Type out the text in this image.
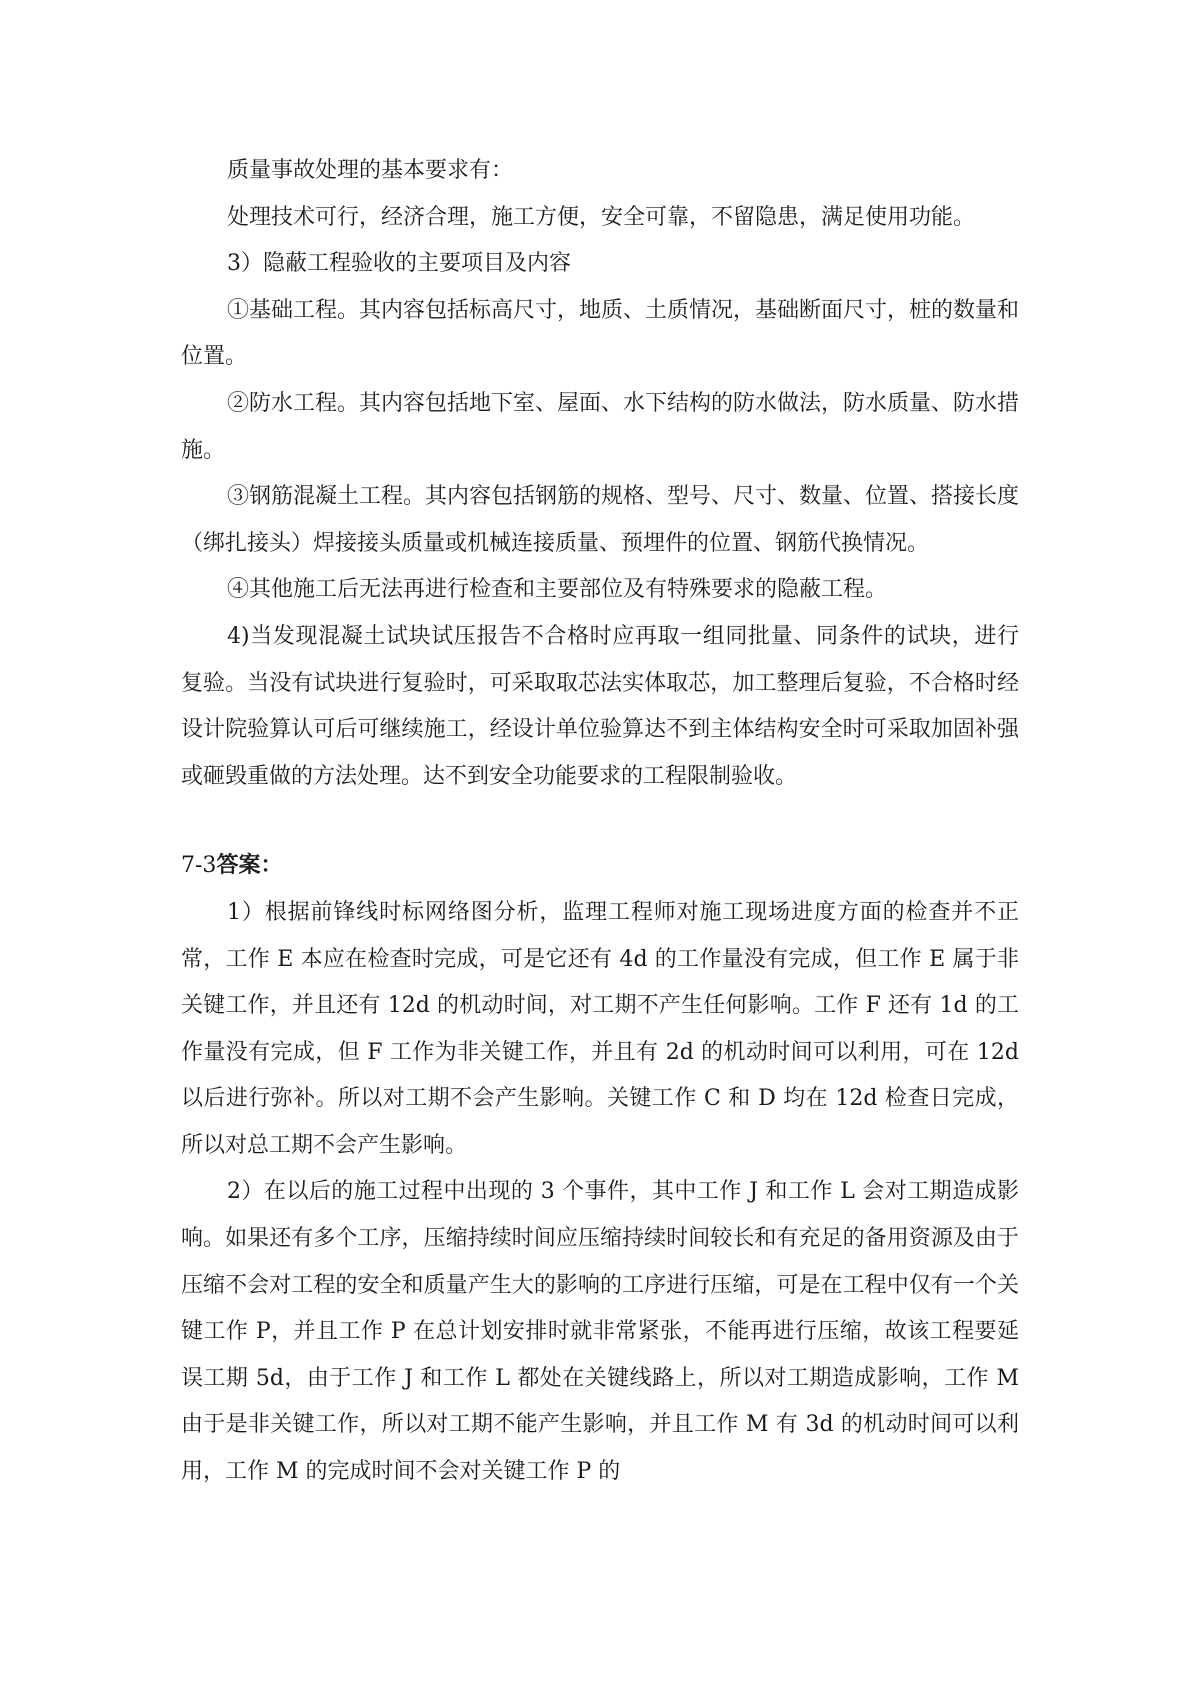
质量事故处理的基本要求有：

处理技术可行，经济合理，施工方便，安全可靠，不留隐患，满足使用功能。

3）隐蔽工程验收的主要项目及内容

①基础工程。其内容包括标高尺寸，地质、土质情况，基础断面尺寸，桩的数量和位置。

②防水工程。其内容包括地下室、屋面、水下结构的防水做法，防水质量、防水措施。

③钢筋混凝土工程。其内容包括钢筋的规格、型号、尺寸、数量、位置、搭接长度（绑扎接头）焊接接头质量或机械连接质量、预埋件的位置、钢筋代换情况。

④其他施工后无法再进行检查和主要部位及有特殊要求的隐蔽工程。

4)当发现混凝土试块试压报告不合格时应再取一组同批量、同条件的试块，进行复验。当没有试块进行复验时，可采取取芯法实体取芯，加工整理后复验，不合格时经设计院验算认可后可继续施工，经设计单位验算达不到主体结构安全时可采取加固补强或砸毁重做的方法处理。达不到安全功能要求的工程限制验收。

7-3答案：

1）根据前锋线时标网络图分析，监理工程师对施工现场进度方面的检查并不正常，工作 E 本应在检查时完成，可是它还有 4d 的工作量没有完成，但工作 E 属于非关键工作，并且还有 12d 的机动时间，对工期不产生任何影响。工作 F 还有 1d 的工作量没有完成，但 F 工作为非关键工作，并且有 2d 的机动时间可以利用，可在 12d 以后进行弥补。所以对工期不会产生影响。关键工作 C 和 D 均在 12d 检查日完成，所以对总工期不会产生影响。

2）在以后的施工过程中出现的 3 个事件，其中工作 J 和工作 L 会对工期造成影响。如果还有多个工序，压缩持续时间应压缩持续时间较长和有充足的备用资源及由于压缩不会对工程的安全和质量产生大的影响的工序进行压缩，可是在工程中仅有一个关键工作 P，并且工作 P 在总计划安排时就非常紧张，不能再进行压缩，故该工程要延误工期 5d，由于工作 J 和工作 L 都处在关键线路上，所以对工期造成影响，工作 M 由于是非关键工作，所以对工期不能产生影响，并且工作 M 有 3d 的机动时间可以利用，工作 M 的完成时间不会对关键工作 P 的
